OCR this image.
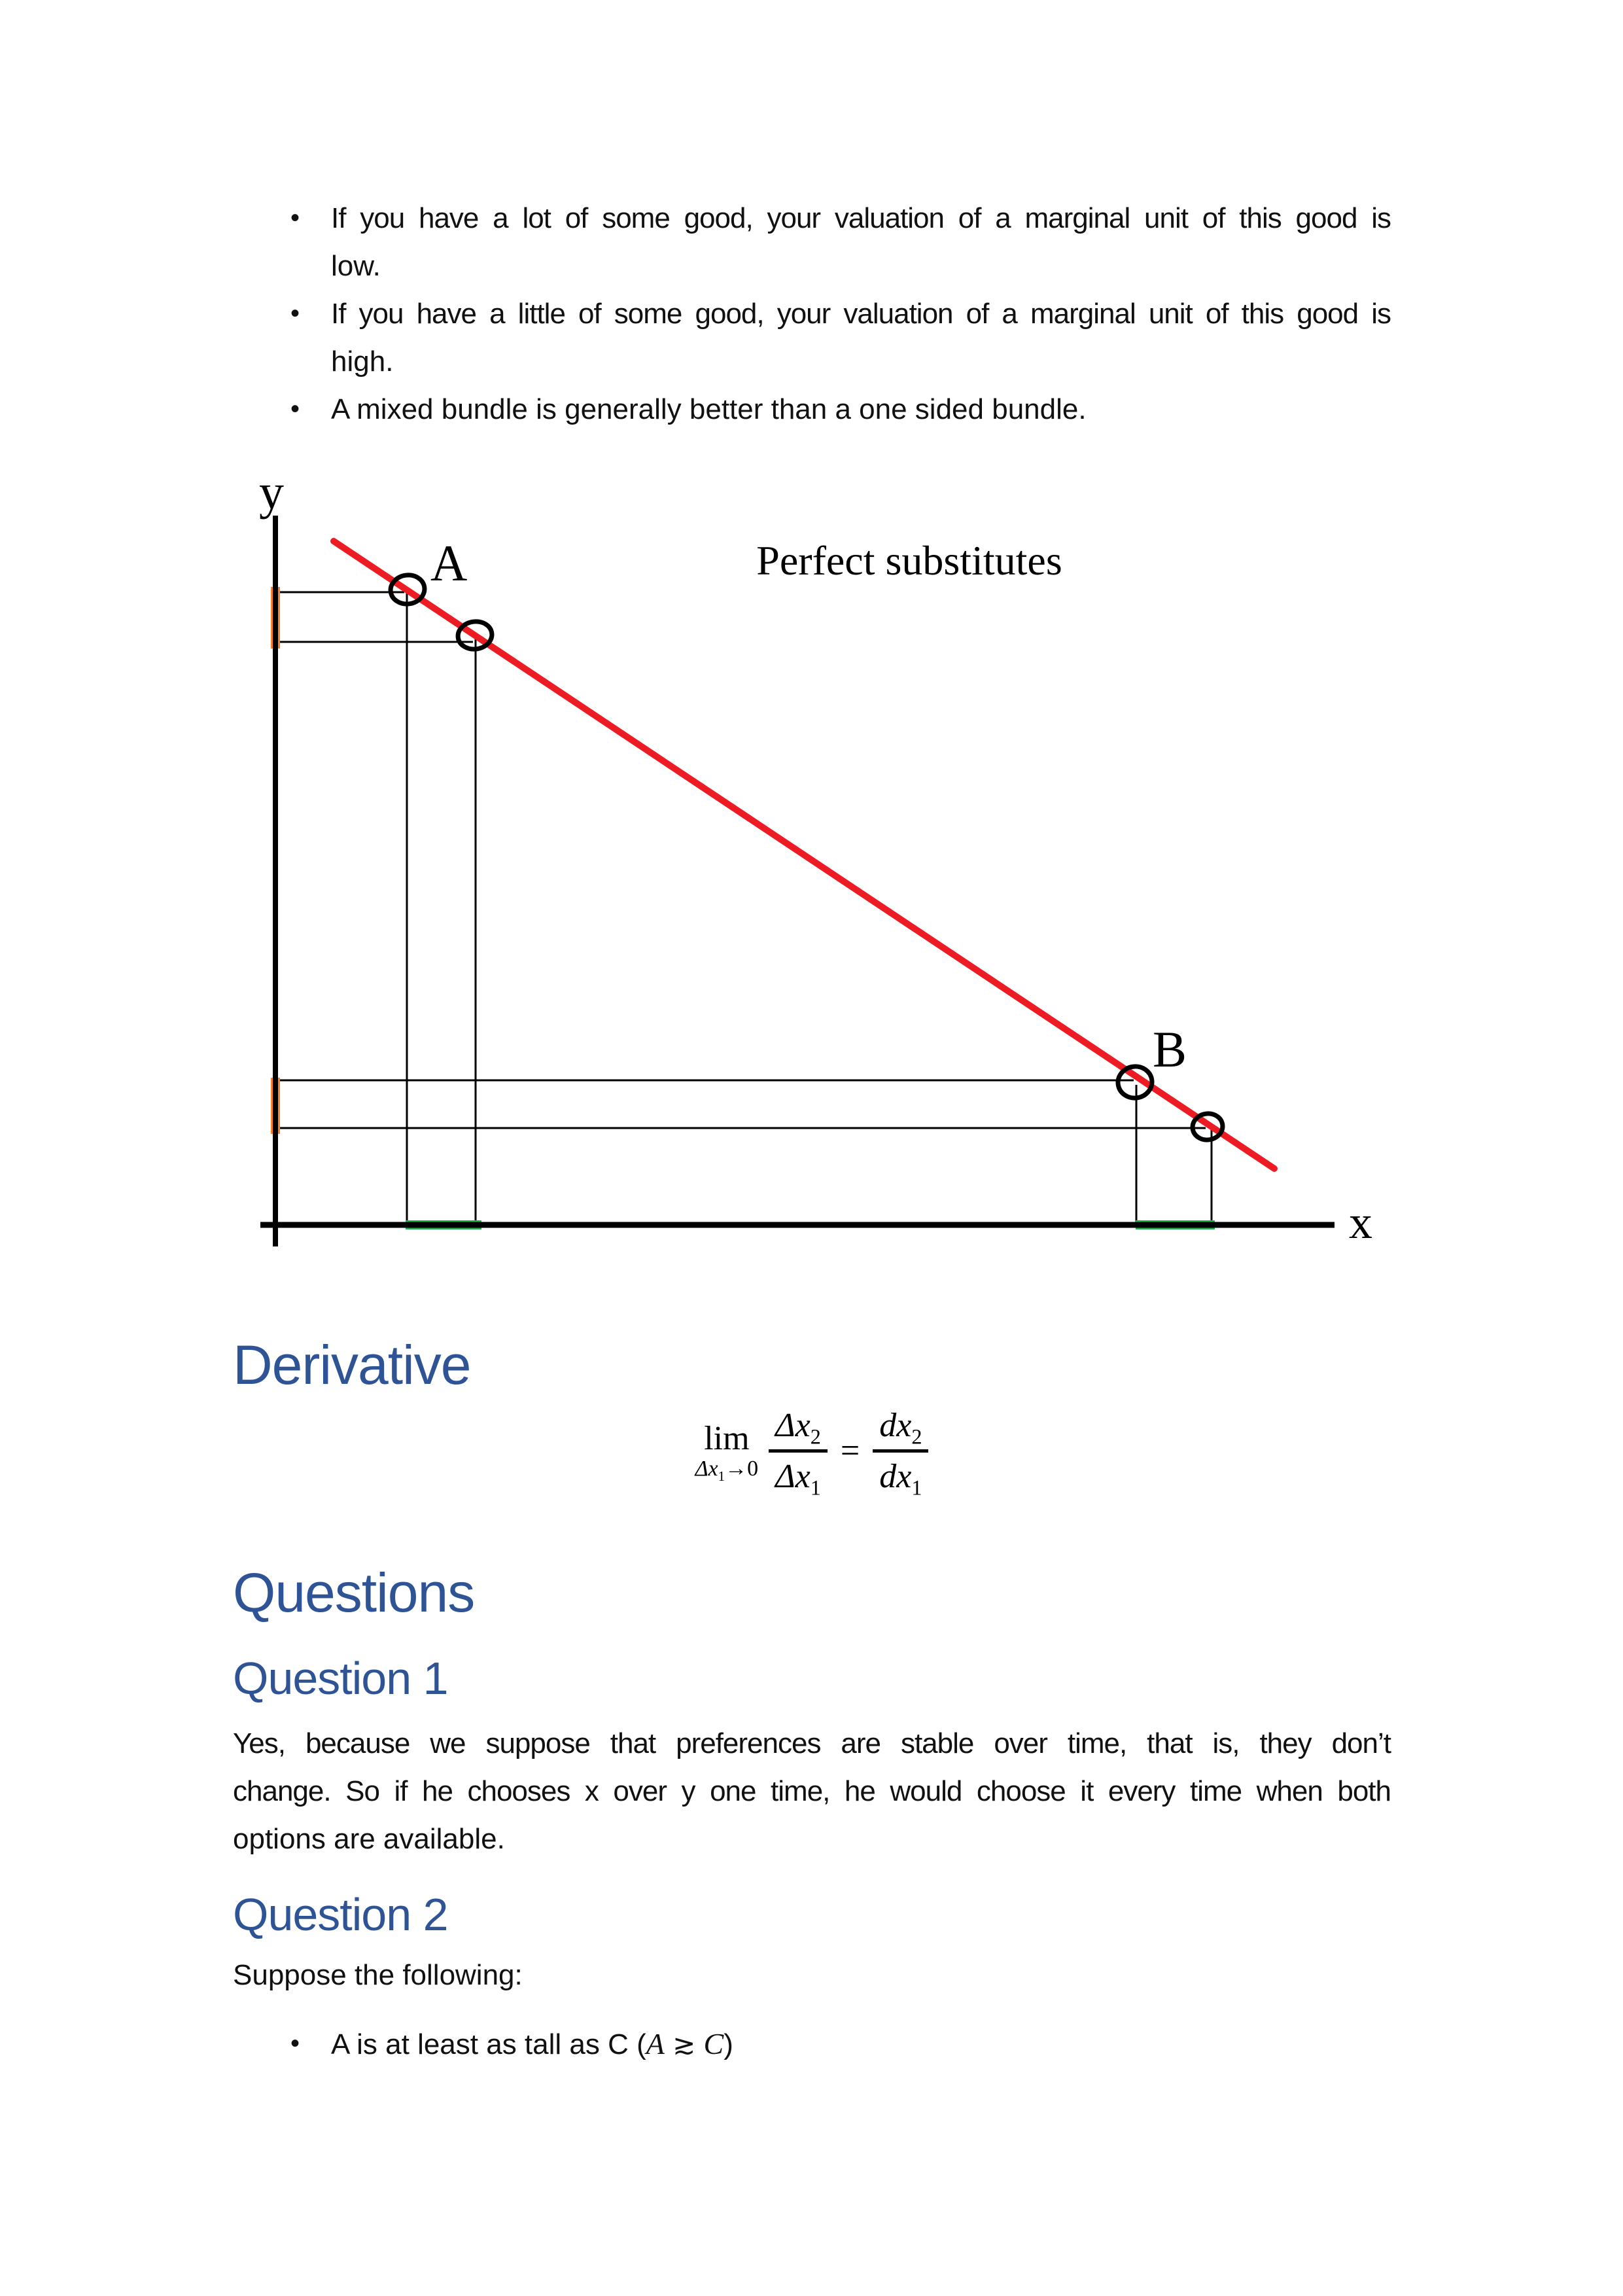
• If you have a lot of some good, your valuation of a marginal unit of this good is
low.
• If you have a little of some good, your valuation of a marginal unit of this good is
high.
• A mixed bundle is generally better than a one sided bundle.
y
x
Perfect substitutes
A
B
Derivative
lim
$\Delta x_1\to 0 \frac{\Delta x_2}{\Delta x_1} = \frac{dx_2}{dx_1}$
Questions
Question 1
Yes, because we suppose that preferences are stable over time, that is, they don’t
change. So if he chooses x over y one time, he would choose it every time when both
options are available.
Question 2
Suppose the following:
• A is at least as tall as C (A ≳ C)
